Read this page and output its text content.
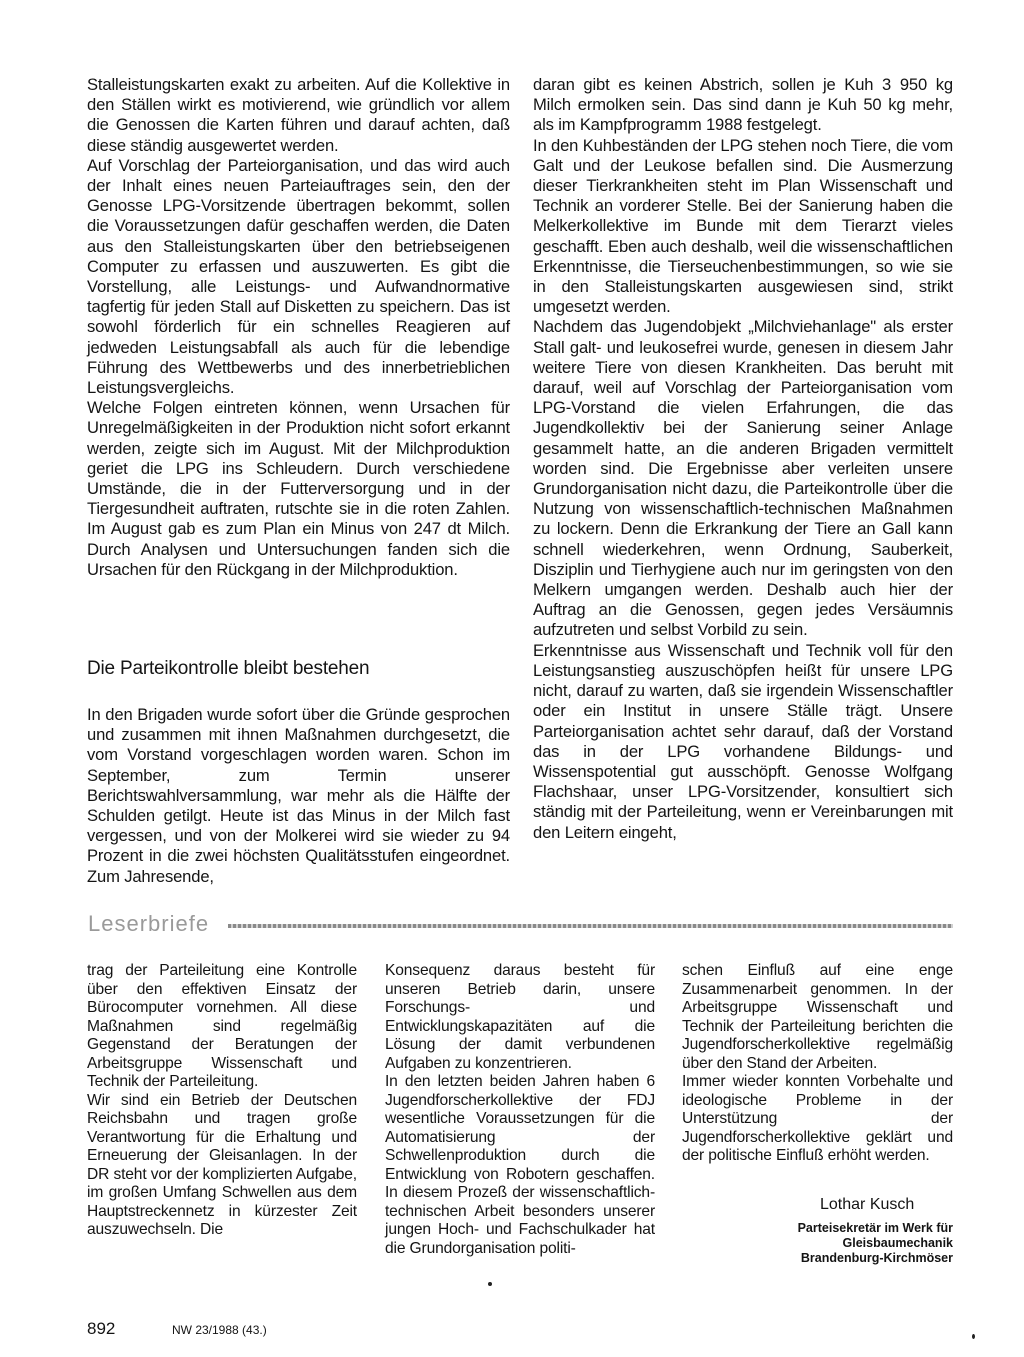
Stalleistungskarten exakt zu arbeiten. Auf die Kollektive in den Ställen wirkt es motivierend, wie gründlich vor allem die Genossen die Karten führen und darauf achten, daß diese ständig ausgewertet werden.

Auf Vorschlag der Parteiorganisation, und das wird auch der Inhalt eines neuen Parteiauftrages sein, den der Genosse LPG-Vorsitzende übertragen bekommt, sollen die Voraussetzungen dafür geschaffen werden, die Daten aus den Stalleistungskarten über den betriebseigenen Computer zu erfassen und auszuwerten. Es gibt die Vorstellung, alle Leistungs- und Aufwandnormative tagfertig für jeden Stall auf Disketten zu speichern. Das ist sowohl förderlich für ein schnelles Reagieren auf jedweden Leistungsabfall als auch für die lebendige Führung des Wettbewerbs und des innerbetrieblichen Leistungsvergleichs.

Welche Folgen eintreten können, wenn Ursachen für Unregelmäßigkeiten in der Produktion nicht sofort erkannt werden, zeigte sich im August. Mit der Milchproduktion geriet die LPG ins Schleudern. Durch verschiedene Umstände, die in der Futterversorgung und in der Tiergesundheit auftraten, rutschte sie in die roten Zahlen. Im August gab es zum Plan ein Minus von 247 dt Milch. Durch Analysen und Untersuchungen fanden sich die Ursachen für den Rückgang in der Milchproduktion.

Die Parteikontrolle bleibt bestehen

In den Brigaden wurde sofort über die Gründe gesprochen und zusammen mit ihnen Maßnahmen durchgesetzt, die vom Vorstand vorgeschlagen worden waren. Schon im September, zum Termin unserer Berichtswahlversammlung, war mehr als die Hälfte der Schulden getilgt. Heute ist das Minus in der Milch fast vergessen, und von der Molkerei wird sie wieder zu 94 Prozent in die zwei höchsten Qualitätsstufen eingeordnet. Zum Jahresende,

daran gibt es keinen Abstrich, sollen je Kuh 3 950 kg Milch ermolken sein. Das sind dann je Kuh 50 kg mehr, als im Kampfprogramm 1988 festgelegt.

In den Kuhbeständen der LPG stehen noch Tiere, die vom Galt und der Leukose befallen sind. Die Ausmerzung dieser Tierkrankheiten steht im Plan Wissenschaft und Technik an vorderer Stelle. Bei der Sanierung haben die Melkerkollektive im Bunde mit dem Tierarzt vieles geschafft. Eben auch deshalb, weil die wissenschaftlichen Erkenntnisse, die Tierseuchenbestimmungen, so wie sie in den Stalleistungskarten ausgewiesen sind, strikt umgesetzt werden.

Nachdem das Jugendobjekt „Milchviehanlage" als erster Stall galt- und leukosefrei wurde, genesen in diesem Jahr weitere Tiere von diesen Krankheiten. Das beruht mit darauf, weil auf Vorschlag der Parteiorganisation vom LPG-Vorstand die vielen Erfahrungen, die das Jugendkollektiv bei der Sanierung seiner Anlage gesammelt hatte, an die anderen Brigaden vermittelt worden sind. Die Ergebnisse aber verleiten unsere Grundorganisation nicht dazu, die Parteikontrolle über die Nutzung von wissenschaftlich-technischen Maßnahmen zu lockern. Denn die Erkrankung der Tiere an Gall kann schnell wiederkehren, wenn Ordnung, Sauberkeit, Disziplin und Tierhygiene auch nur im geringsten von den Melkern umgangen werden. Deshalb auch hier der Auftrag an die Genossen, gegen jedes Versäumnis aufzutreten und selbst Vorbild zu sein.

Erkenntnisse aus Wissenschaft und Technik voll für den Leistungsanstieg auszuschöpfen heißt für unsere LPG nicht, darauf zu warten, daß sie irgendein Wissenschaftler oder ein Institut in unsere Ställe trägt. Unsere Parteiorganisation achtet sehr darauf, daß der Vorstand das in der LPG vorhandene Bildungs- und Wissenspotential gut ausschöpft. Genosse Wolfgang Flachshaar, unser LPG-Vorsitzender, konsultiert sich ständig mit der Parteileitung, wenn er Vereinbarungen mit den Leitern eingeht,

Leserbriefe

trag der Parteileitung eine Kontrolle über den effektiven Einsatz der Bürocomputer vornehmen. All diese Maßnahmen sind regelmäßig Gegenstand der Beratungen der Arbeitsgruppe Wissenschaft und Technik der Parteileitung.

Wir sind ein Betrieb der Deutschen Reichsbahn und tragen große Verantwortung für die Erhaltung und Erneuerung der Gleisanlagen. In der DR steht vor der komplizierten Aufgabe, im großen Umfang Schwellen aus dem Hauptstreckennetz in kürzester Zeit auszuwechseln. Die

Konsequenz daraus besteht für unseren Betrieb darin, unsere Forschungs- und Entwicklungskapazitäten auf die Lösung der damit verbundenen Aufgaben zu konzentrieren.

In den letzten beiden Jahren haben 6 Jugendforscherkollektive der FDJ wesentliche Voraussetzungen für die Automatisierung der Schwellenproduktion durch die Entwicklung von Robotern geschaffen. In diesem Prozeß der wissenschaftlich-technischen Arbeit besonders unserer jungen Hoch- und Fachschulkader hat die Grundorganisation politi-

schen Einfluß auf eine enge Zusammenarbeit genommen. In der Arbeitsgruppe Wissenschaft und Technik der Parteileitung berichten die Jugendforscherkollektive regelmäßig über den Stand der Arbeiten.

Immer wieder konnten Vorbehalte und ideologische Probleme in der Unterstützung der Jugendforscherkollektive geklärt und der politische Einfluß erhöht werden.

Lothar Kusch
Parteisekretär im Werk für Gleisbaumechanik Brandenburg-Kirchmöser
892	NW 23/1988 (43.)
